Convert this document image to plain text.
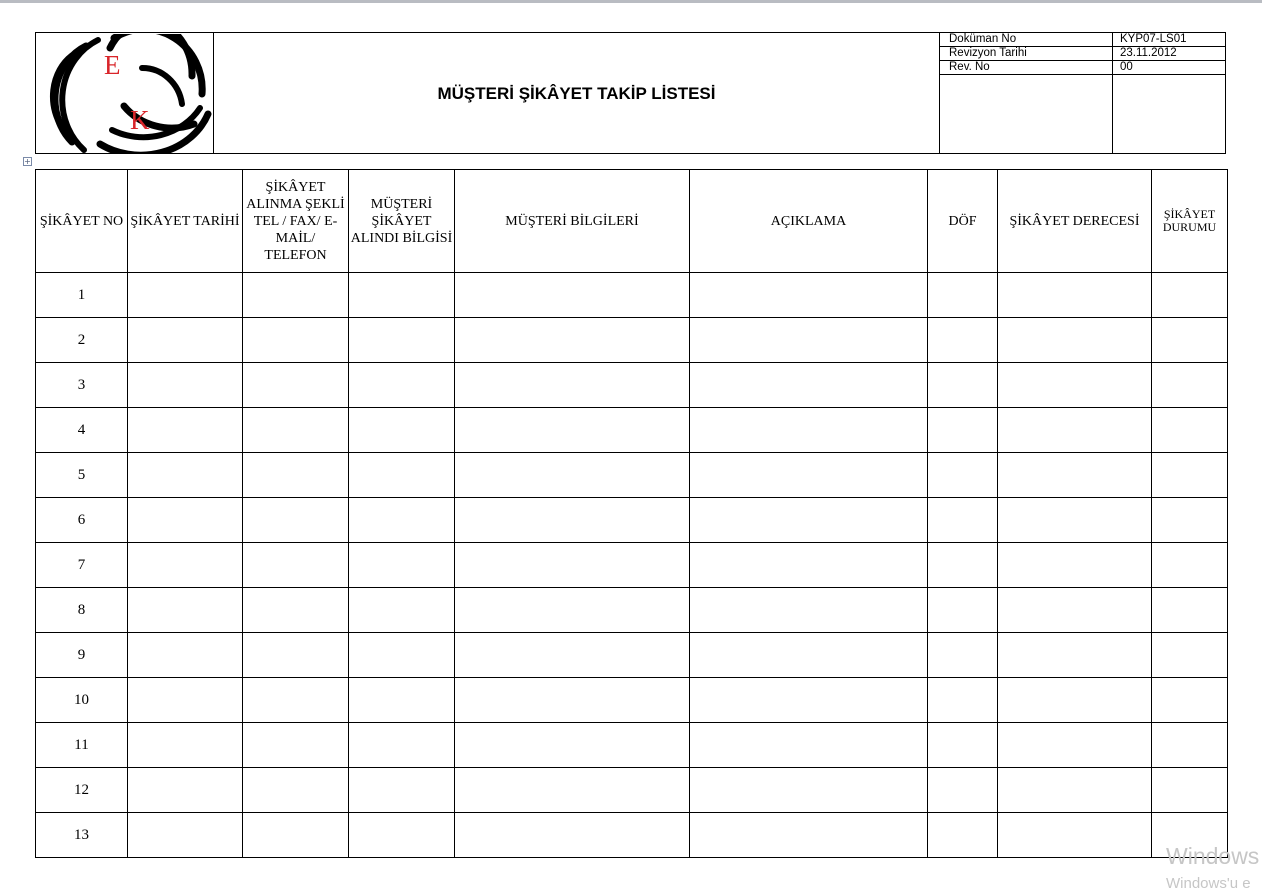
E
K
MÜŞTERİ ŞİKÂYET TAKİP LİSTESİ
Doküman No	KYP07-LS01
Revizyon Tarihi	23.11.2012
Rev. No	00
+
ŞİKÂYET NO	ŞİKÂYET TARİHİ	ŞİKÂYET ALINMA ŞEKLİ TEL / FAX/ E-MAİL/ TELEFON	MÜŞTERİ ŞİKÂYET ALINDI BİLGİSİ	MÜŞTERİ BİLGİLERİ	AÇIKLAMA	DÖF	ŞİKÂYET DERECESİ	ŞİKÂYET DURUMU

1								
2								
3								
4								
5								
6								
7								
8								
9								
10								
11								
12								
13								
Windows
Windows'u e
